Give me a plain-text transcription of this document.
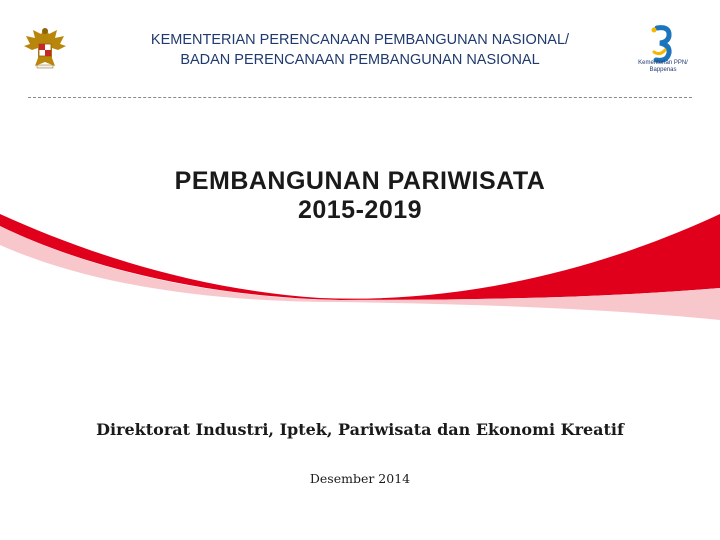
KEMENTERIAN PERENCANAAN PEMBANGUNAN NASIONAL/
BADAN PERENCANAAN PEMBANGUNAN NASIONAL	Kementerian PPN/
Bappenas
PEMBANGUNAN PARIWISATA
2015-2019
Direktorat Industri, Iptek, Pariwisata dan Ekonomi Kreatif
Desember 2014
